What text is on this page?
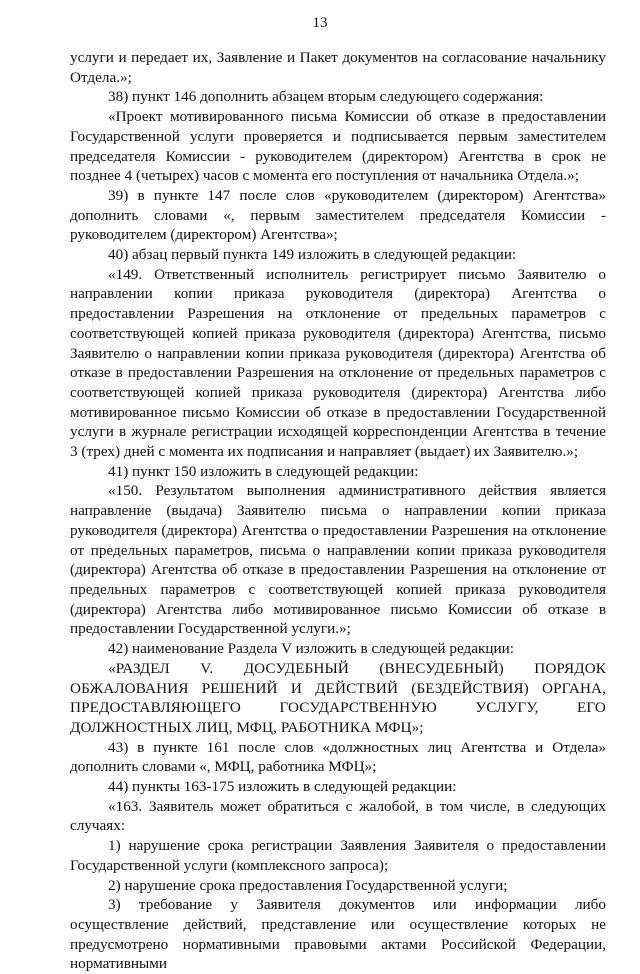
13

услуги и передает их, Заявление и Пакет документов на согласование начальнику Отдела.»;

38) пункт 146 дополнить абзацем вторым следующего содержания:

«Проект мотивированного письма Комиссии об отказе в предоставлении Государственной услуги проверяется и подписывается первым заместителем председателя Комиссии - руководителем (директором) Агентства в срок не позднее 4 (четырех) часов с момента его поступления от начальника Отдела.»;

39) в пункте 147 после слов «руководителем (директором) Агентства» дополнить словами «, первым заместителем председателя Комиссии - руководителем (директором) Агентства»;

40) абзац первый пункта 149 изложить в следующей редакции:

«149. Ответственный исполнитель регистрирует письмо Заявителю о направлении копии приказа руководителя (директора) Агентства о предоставлении Разрешения на отклонение от предельных параметров с соответствующей копией приказа руководителя (директора) Агентства, письмо Заявителю о направлении копии приказа руководителя (директора) Агентства об отказе в предоставлении Разрешения на отклонение от предельных параметров с соответствующей копией приказа руководителя (директора) Агентства либо мотивированное письмо Комиссии об отказе в предоставлении Государственной услуги в журнале регистрации исходящей корреспонденции Агентства в течение 3 (трех) дней с момента их подписания и направляет (выдает) их Заявителю.»;

41) пункт 150 изложить в следующей редакции:

«150. Результатом выполнения административного действия является направление (выдача) Заявителю письма о направлении копии приказа руководителя (директора) Агентства о предоставлении Разрешения на отклонение от предельных параметров, письма о направлении копии приказа руководителя (директора) Агентства об отказе в предоставлении Разрешения на отклонение от предельных параметров с соответствующей копией приказа руководителя (директора) Агентства либо мотивированное письмо Комиссии об отказе в предоставлении Государственной услуги.»;

42) наименование Раздела V изложить в следующей редакции:

«РАЗДЕЛ V. ДОСУДЕБНЫЙ (ВНЕСУДЕБНЫЙ) ПОРЯДОК ОБЖАЛОВАНИЯ РЕШЕНИЙ И ДЕЙСТВИЙ (БЕЗДЕЙСТВИЯ) ОРГАНА, ПРЕДОСТАВЛЯЮЩЕГО ГОСУДАРСТВЕННУЮ УСЛУГУ, ЕГО ДОЛЖНОСТНЫХ ЛИЦ, МФЦ, РАБОТНИКА МФЦ»;

43) в пункте 161 после слов «должностных лиц Агентства и Отдела» дополнить словами «, МФЦ, работника МФЦ»;

44) пункты 163-175 изложить в следующей редакции:

«163. Заявитель может обратиться с жалобой, в том числе, в следующих случаях:

1) нарушение срока регистрации Заявления Заявителя о предоставлении Государственной услуги (комплексного запроса);

2) нарушение срока предоставления Государственной услуги;

3) требование у Заявителя документов или информации либо осуществление действий, представление или осуществление которых не предусмотрено нормативными правовыми актами Российской Федерации, нормативными
